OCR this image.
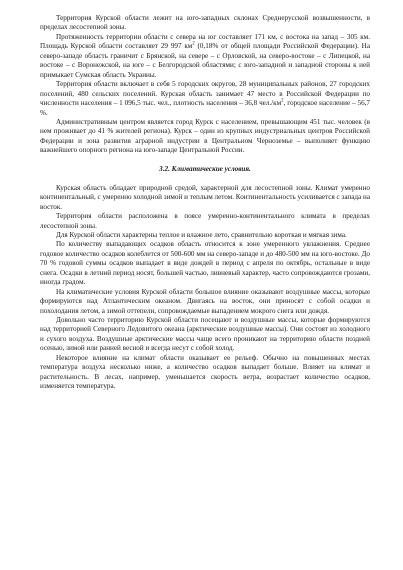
Территория Курской области лежит на юго-западных склонах Среднерусской возвышенности, в пределах лесостепной зоны.

Протяженность территории области с севера на юг составляет 171 км, с востока на запад – 305 км. Площадь Курской области составляет 29 997 $км^2$ (0,18% от общей площади Российской Федерации). На северо-западе область граничит с Брянской, на севере – с Орловской, на северо-востоке – с Липецкой, на востоке – с Воронежской, на юге – с Белгородской областями; с юго-западной и западной стороны к ней примыкает Сумская область Украины.

Территория области включает в себя 5 городских округов, 28 муниципальных районов, 27 городских поселений, 480 сельских поселений. Курская область занимает 47 место в Российской Федерации по численности населения – 1 096,5 тыс. чел., плотность населения – 36,8 $чел./км^2$, городское население – 56,7 %.

Административным центром является город Курск с населением, превышающим 451 тыс. человек (в нем проживает до 41 % жителей региона). Курск – один из крупных индустриальных центров Российской Федерации и зона развития аграрной индустрии в Центральном Черноземье – выполняет функцию важнейшего опорного региона на юго-западе Центральной России.

3.2. Климатические условия.

Курская область обладает природной средой, характерной для лесостепной зоны. Климат умеренно континентальный, с умеренно холодной зимой и теплым летом. Континентальность усиливается с запада на восток.

Территория области расположена в поясе умеренно-континентального климата в пределах лесостепной зоны.

Для Курской области характерны теплое и влажное лето, сравнительно короткая и мягкая зима.

По количеству выпадающих осадков область относится к зоне умеренного увлажнения. Среднее годовое количество осадков колеблется от 500-600 мм на северо-западе и до 480-500 мм на юго-востоке. До 70 % годовой суммы осадков выпадает в виде дождей в период с апреля по октябрь, остальные в виде снега. Осадки в летний период носят, большей частью, ливневый характер, часто сопровождаются грозами, иногда градом.

На климатические условия Курской области большое влияние оказывают воздушные массы, которые формируются над Атлантическим океаном. Двигаясь на восток, они приносят с собой осадки и похолодания летом, а зимой оттепели, сопровождаемые выпадением мокрого снега или дождя.

Довольно часто территорию Курской области посещают и воздушные массы, которые формируются над территорией Северного Ледовитого океана (арктические воздушные массы). Они состоят из холодного и сухого воздуха. Воздушные арктические массы чаще всего проникают на территорию области поздней осенью, зимой или ранней весной и всегда несут с собой холод.

Некоторое влияние на климат области оказывает ее рельеф. Обычно на повышенных местах температура воздуха несколько ниже, а количество осадков выпадает больше. Влияет на климат и растительность. В лесах, например, уменьшается скорость ветра, возрастает количество осадков, изменяется температура.
